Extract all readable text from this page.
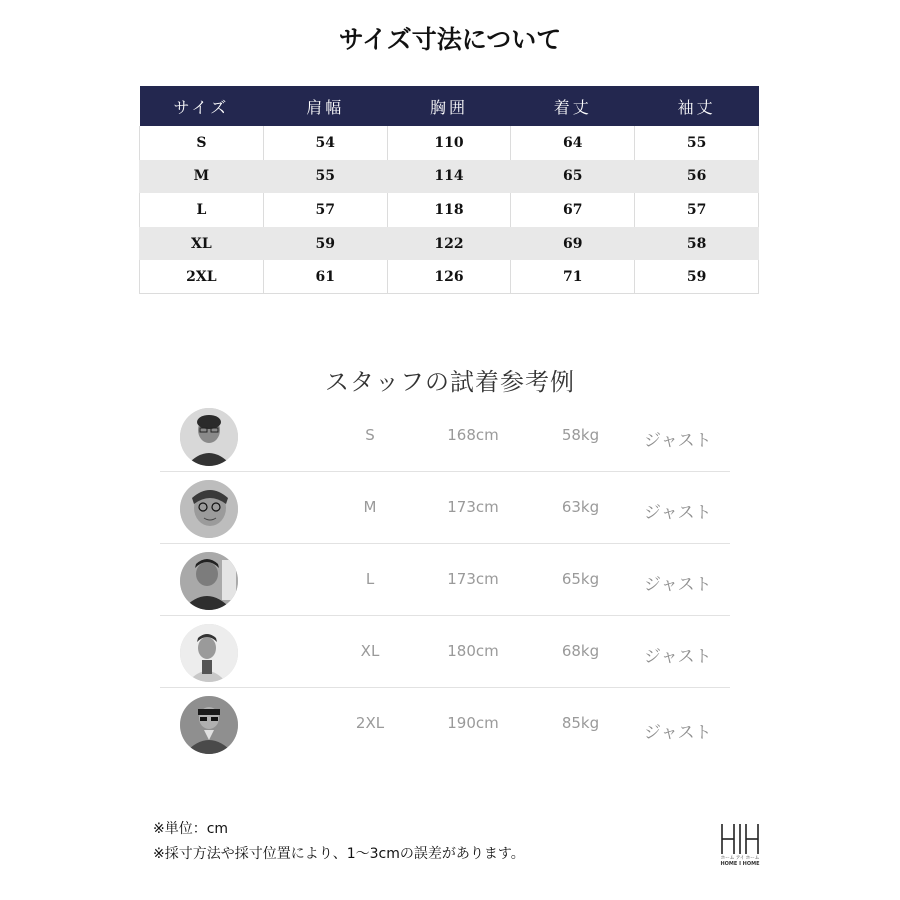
サイズ寸法について
サイズ	肩幅	胸囲	着丈	袖丈
S	54	110	64	55
M	55	114	65	56
L	57	118	67	57
XL	59	122	69	58
2XL	61	126	71	59
スタッフの試着参考例
S	168cm	58kg	ジャスト
M	173cm	63kg	ジャスト
L	173cm	65kg	ジャスト
XL	180cm	68kg	ジャスト
2XL	190cm	85kg	ジャスト
※単位：cm
※採寸方法や採寸位置により、1～3cmの誤差があります。	ホーム アイ ホーム
HOME I HOME
